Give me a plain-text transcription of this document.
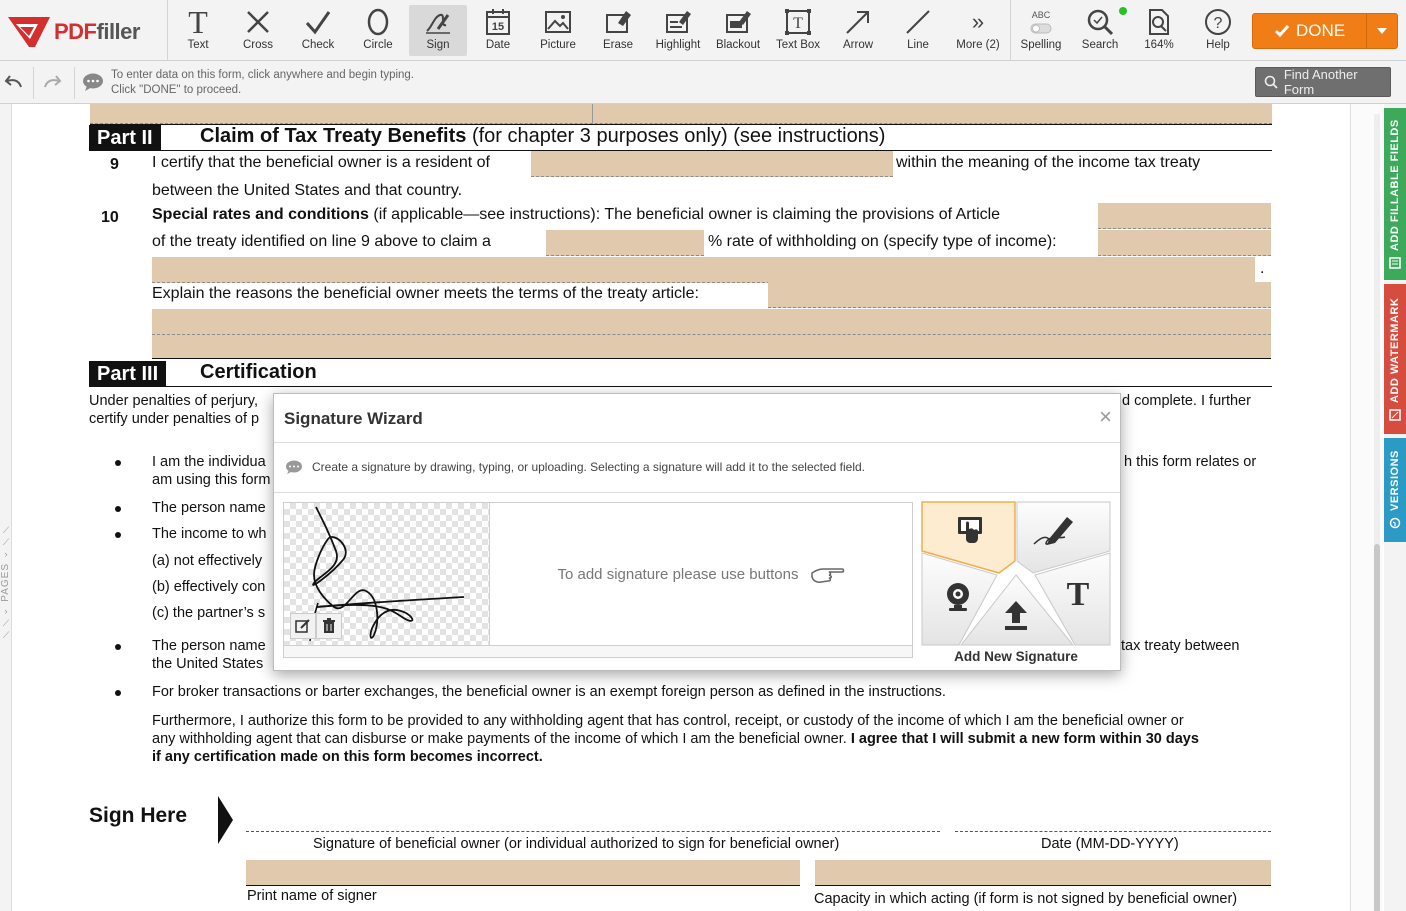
PDFfiller T
Text	Cross	Check	Circle	Sign
15
Date	Picture	Erase	Highlight	Blackout
T
Text Box	Arrow	Line
»
More (2)
ABC
Spelling	Search	164%
?
Help
DONE
To enter data on this form, click anywhere and begin typing.
Click "DONE" to proceed.
Find Another Form
⟋
⟋
›
PAGES
›
⟋
⟋
Part II	Claim of Tax Treaty Benefits (for chapter 3 purposes only) (see instructions)
9 I certify that the beneficial owner is a resident of	within the meaning of the income tax treaty
between the United States and that country.
10 Special rates and conditions (if applicable—see instructions): The beneficial owner is claiming the provisions of Article
of the treaty identified on line 9 above to claim a	% rate of withholding on (specify type of income):
.
Explain the reasons the beneficial owner meets the terms of the treaty article:
Part III	Certification
Under penalties of perjury,	d complete. I further
certify under penalties of p
I am the individua	h this form relates or
am using this form
The person name
The income to wh
(a) not effectively
(b) effectively con
(c) the partner’s s
The person name	tax treaty between
the United States
For broker transactions or barter exchanges, the beneficial owner is an exempt foreign person as defined in the instructions.
Furthermore, I authorize this form to be provided to any withholding agent that has control, receipt, or custody of the income of which I am the beneficial owner or
any withholding agent that can disburse or make payments of the income of which I am the beneficial owner. I agree that I will submit a new form within 30 days
if any certification made on this form becomes incorrect.
Sign Here
Signature of beneficial owner (or individual authorized to sign for beneficial owner)	Date (MM-DD-YYYY)
Print name of signer	Capacity in which acting (if form is not signed by beneficial owner)
ADD FILLABLE FIELDS
ADD WATERMARK
VERSIONS
Signature Wizard	×
Create a signature by drawing, typing, or uploading. Selecting a signature will add it to the selected field.
To add signature please use buttons
T
Add New Signature
